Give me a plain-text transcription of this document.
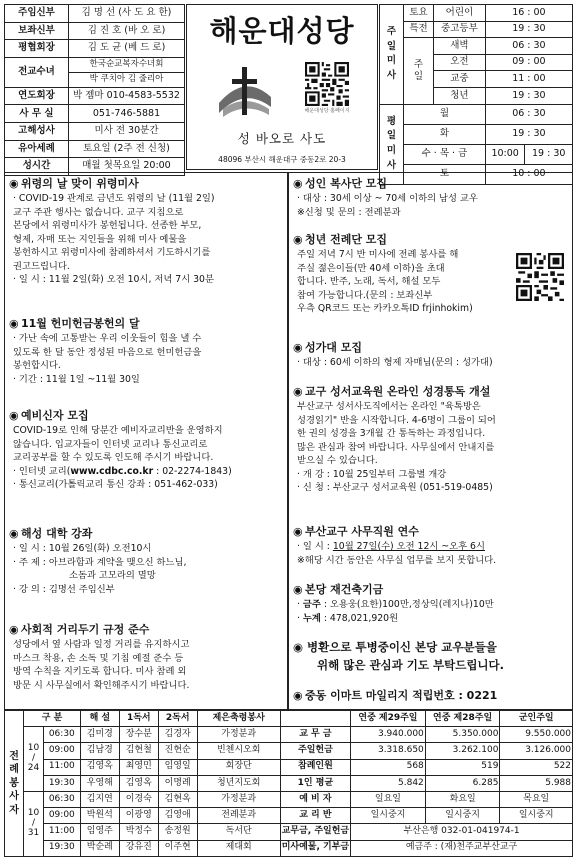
주임신부	김 명 선 (사 도 요 한)
보좌신부	김 진 호 (바 오 로)
평협회장	김 도 균 (베 드 로)
전교수녀	한국순교복자수녀회
	박 쿠치아 김 줄리아
연도회장	박 젬마 010-4583-5532
사 무 실	051-746-5881
고해성사	미사 전 30분간
유아세례	토요일 (2주 전 신청)
성시간	매월 첫목요일 20:00
해운대성당
해운대성당 홈페이지
성 바오로 사도
48096 부산시 해운대구 중동2로 20-3
주
일
미
사	토요	어린이	16 : 00	
	특전	중고등부	19 : 30	

	주
일	새벽	06 : 30	
		오전	09 : 00	
		교중	11 : 00	
		청년	19 : 30	

평
일
미
사	월		06 : 30	
	화		19 : 30	
	수 · 목 · 금		10:00	19 : 30
	토		10 : 00	
◉ 위령의 날 맞이 위령미사
· COVID-19 관계로 금년도 위령의 날 (11월 2일)
교구 주관 행사는 없습니다. 교구 지침으로
본당에서 위령미사가 봉헌됩니다. 선종한 부모,
형제, 자매 또는 지인들을 위해 미사 예물을
봉헌하시고 위령미사에 참례하셔서 기도하시기를
권고드립니다.
· 일 시 : 11월 2일(화) 오전 10시, 저녁 7시 30분
◉ 11월 헌미헌금봉헌의 달
· 가난 속에 고통받는 우리 이웃들이 힘을 낼 수
있도록 한 달 동안 정성된 마음으로 헌미헌금을
봉헌합시다.
· 기간 : 11월 1일 ~11월 30일
◉ 예비신자 모집
COVID-19로 인해 당분간 예비자교리반을 운영하지
않습니다. 입교자들이 인터넷 교리나 통신교리로
교리공부를 할 수 있도록 인도해 주시기 바랍니다.
· 인터넷 교리(www.cdbc.co.kr : 02-2274-1843)
· 통신교리(가톨릭교리 통신 강좌 : 051-462-033)
◉ 해성 대학 강좌
· 일 시 : 10월 26일(화) 오전10시
· 주 제 : 아브라함과 계약을 맺으신 하느님,
소돔과 고모라의 멸망
· 강 의 : 김명선 주임신부
◉ 사회적 거리두기 규정 준수
성당에서 옆 사람과 일정 거리를 유지하시고
마스크 착용, 손 소독 및 기침 예절 준수 등
방역 수칙을 지키도록 합니다. 미사 참례 외
방문 시 사무실에서 확인해주시기 바랍니다.
◉ 성인 복사단 모집
· 대상 : 30세 이상 ~ 70세 이하의 남성 교우
※신청 및 문의 : 전례분과
◉ 청년 전례단 모집
주일 저녁 7시 반 미사에 전례 봉사를 해
주실 젊은이들(만 40세 이하)을 초대
합니다. 반주, 노래, 독서, 해설 모두
참여 가능합니다.(문의 : 보좌신부
우측 QR코드 또는 카카오톡ID frjinhokim)
◉ 성가대 모집
· 대상 : 60세 이하의 형제 자매님(문의 : 성가대)
◉ 교구 성서교육원 온라인 성경통독 개설
부산교구 성서사도직에서는 온라인 "육톡방은
성경읽기" 반을 시작합니다. 4-6명이 그룹이 되어
한 권의 성경을 3개월 간 통독하는 과정입니다.
많은 관심과 참여 바랍니다. 사무실에서 안내지를
받으실 수 있습니다.
· 개 강 : 10월 25일부터 그룹별 개강
· 신 청 : 부산교구 성서교육원 (051-519-0485)
◉ 부산교구 사무직원 연수
· 일 시 : 10월 27일(수) 오전 12시 ~오후 6시
※해당 시간 동안은 사무실 업무를 보지 못합니다.
◉ 본당 재건축기금
· 금주 : 오용웅(요한)100만,정상익(레지나)10만
· 누계 : 478,021,920원
◉ 병환으로 투병중이신 본당 교우분들을
위해 많은 관심과 기도 부탁드립니다.
◉ 중동 이마트 마일리지 적립번호 : 0221
전
례
봉
사
자	구 분		해 설	1독서	2독서	제은축령봉사		연중 제29주일	연중 제28주일	군인주일

	10
/
24	06:30	김미경	장수분	김경자	가정분과	교 무 금	3.940.000	5.350.000	9.550.000
		09:00	김남경	김현철	진현순	빈첸시오회	주일헌금	3.318.650	3.262.100	3.126.000
		11:00	김영옥	최영민	임영일	회장단	참례인원	568	519	522
		19:30	우영해	김영옥	이명례	청년지도회	1인 평균	5.842	6.285	5.988

	10
/
31	06:30	김지연	이경숙	김현옥	가정분과	예 비 자	일요일	화요일	목요일
		09:00	박원석	이광영	김영애	전례분과	교 리 반	일시중지	일시중지	일시중지
		11:00	임영주	박정수	송정원	독서단	교무금, 주일헌금	부산은행 032-01-041974-1		
		19:30	박순례	강유진	이주현	제대회	미사예물, 기부금	예금주 : (재)천주교부산교구		
